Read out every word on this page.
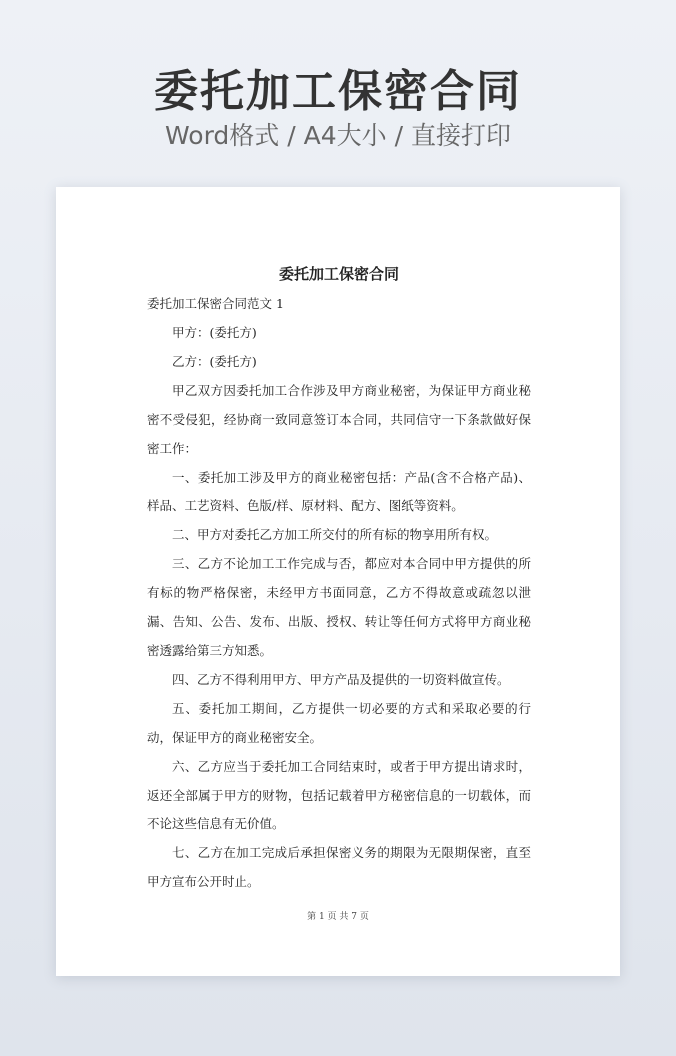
委托加工保密合同
Word格式 / A4大小 / 直接打印
委托加工保密合同
委托加工保密合同范文 1

甲方：(委托方)

乙方：(委托方)

甲乙双方因委托加工合作涉及甲方商业秘密，为保证甲方商业秘密不受侵犯，经协商一致同意签订本合同，共同信守一下条款做好保密工作：

一、委托加工涉及甲方的商业秘密包括：产品(含不合格产品)、样品、工艺资料、色版/样、原材料、配方、图纸等资料。

二、甲方对委托乙方加工所交付的所有标的物享用所有权。

三、乙方不论加工工作完成与否，都应对本合同中甲方提供的所有标的物严格保密，未经甲方书面同意，乙方不得故意或疏忽以泄漏、告知、公告、发布、出版、授权、转让等任何方式将甲方商业秘密透露给第三方知悉。

四、乙方不得利用甲方、甲方产品及提供的一切资料做宣传。

五、委托加工期间，乙方提供一切必要的方式和采取必要的行动，保证甲方的商业秘密安全。

六、乙方应当于委托加工合同结束时，或者于甲方提出请求时，返还全部属于甲方的财物，包括记载着甲方秘密信息的一切载体，而不论这些信息有无价值。

七、乙方在加工完成后承担保密义务的期限为无限期保密，直至甲方宣布公开时止。

第 1 页 共 7 页
